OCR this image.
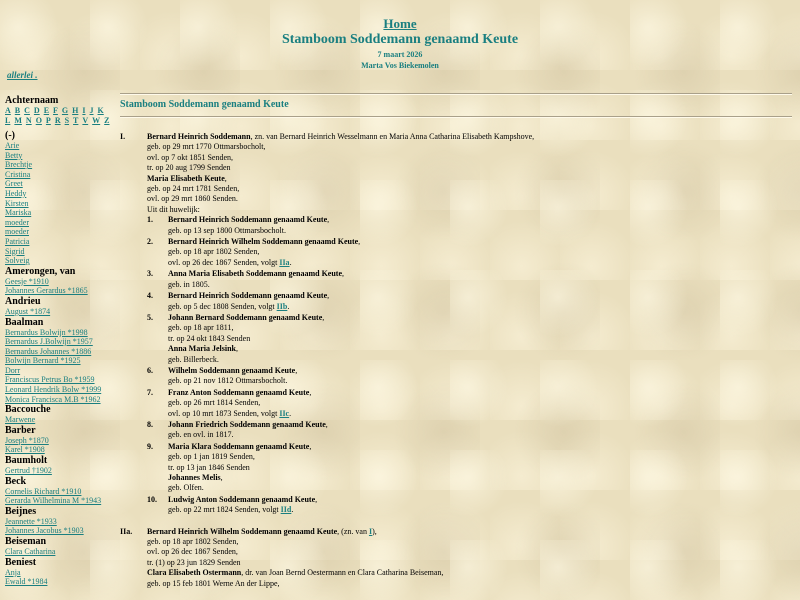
Home
Stamboom Soddemann genaamd Keute
7 maart 2026
Marta Vos Biekemolen
allerlei .
Achternaam
A B C D E F G H I J K L M N O P R S T V W Z
(-)
Arie
Betty
Brechtje
Cristina
Greet
Heddy
Kirsten
Mariska
moeder
moeder
Patricia
Sigrid
Solveig
Amerongen, van
Geesje *1910
Johannes Gerardus *1865
Andrieu
August *1874
Baalman
Bernardus Bolwijn *1998
Bernardus J.Bolwijn *1957
Bernardus Johannes *1886
Bolwijn Bernard *1925
Dorr
Franciscus Petrus Bo *1959
Leonard Hendrik Bolw *1999
Monica Francisca M.B *1962
Baccouche
Marwene
Barber
Joseph *1870
Karel *1908
Baumholt
Gertrud †1902
Beck
Cornelis Richard *1910
Gerarda Wilhelmina M *1943
Beijnes
Jeannette *1933
Johannes Jacobus *1903
Beiseman
Clara Catharina
Beniest
Anja
Ewald *1984
Stamboom Soddemann genaamd Keute
I.	Bernard Heinrich Soddemann, zn. van Bernard Heinrich Wesselmann en Maria Anna Catharina Elisabeth Kampshove,
geb. op 29 mrt 1770 Ottmarsbocholt,
ovl. op 7 okt 1851 Senden,
tr. op 20 aug 1799 Senden
Maria Elisabeth Keute,
geb. op 24 mrt 1781 Senden,
ovl. op 29 mrt 1860 Senden.
Uit dit huwelijk:
1. Bernard Heinrich Soddemann genaamd Keute,
geb. op 13 sep 1800 Ottmarsbocholt.
2. Bernard Heinrich Wilhelm Soddemann genaamd Keute,
geb. op 18 apr 1802 Senden,
ovl. op 26 dec 1867 Senden, volgt IIa.
3. Anna Maria Elisabeth Soddemann genaamd Keute,
geb. in 1805.
4. Bernard Heinrich Soddemann genaamd Keute,
geb. op 5 dec 1808 Senden, volgt IIb.
5. Johann Bernard Soddemann genaamd Keute,
geb. op 18 apr 1811,
tr. op 24 okt 1843 Senden
Anna Maria Jelsink,
geb. Billerbeck.
6. Wilhelm Soddemann genaamd Keute,
geb. op 21 nov 1812 Ottmarsbocholt.
7. Franz Anton Soddemann genaamd Keute,
geb. op 26 mrt 1814 Senden,
ovl. op 10 mrt 1873 Senden, volgt IIc.
8. Johann Friedrich Soddemann genaamd Keute,
geb. en ovl. in 1817.
9. Maria Klara Soddemann genaamd Keute,
geb. op 1 jan 1819 Senden,
tr. op 13 jan 1846 Senden
Johannes Melis,
geb. Olfen.
10. Ludwig Anton Soddemann genaamd Keute,
geb. op 22 mrt 1824 Senden, volgt IId.
IIa. Bernard Heinrich Wilhelm Soddemann genaamd Keute, (zn. van I),
geb. op 18 apr 1802 Senden,
ovl. op 26 dec 1867 Senden,
tr. (1) op 23 jun 1829 Senden
Clara Elisabeth Ostermann, dr. van Joan Bernd Oestermann en Clara Catharina Beiseman,
geb. op 15 feb 1801 Werne An der Lippe,
